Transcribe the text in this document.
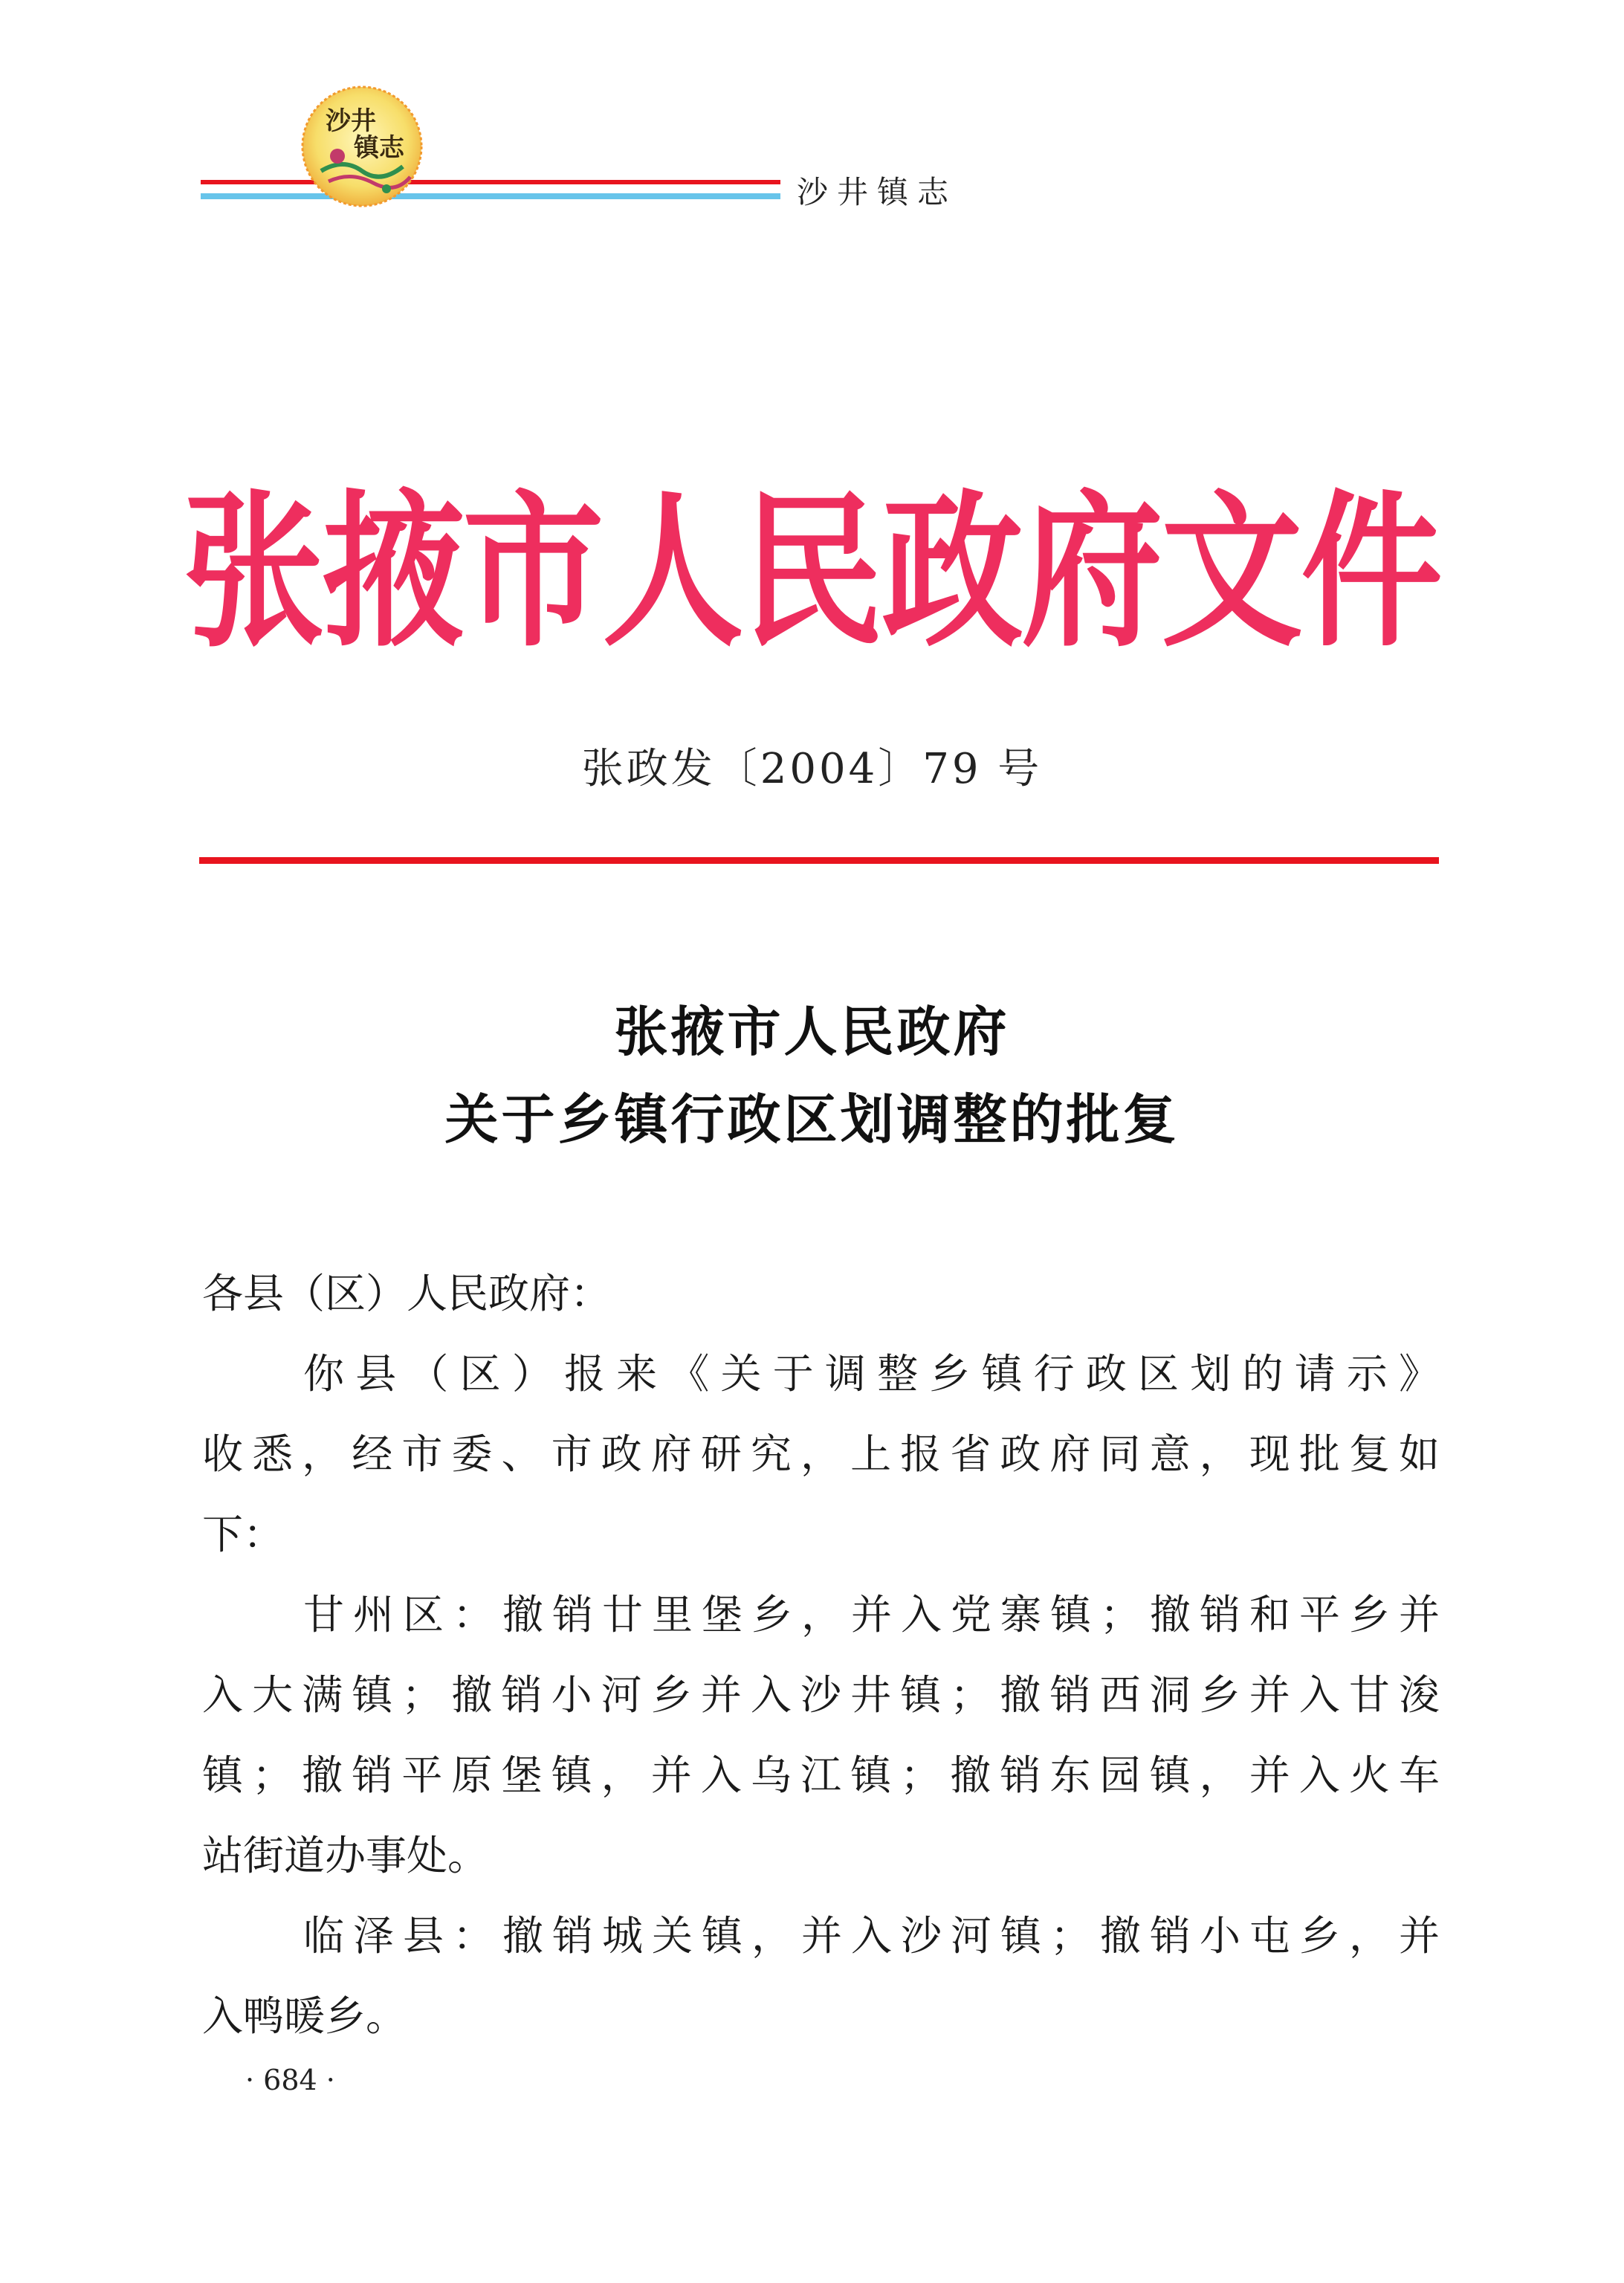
沙井
镇志
沙井镇志
张掖市人民政府文件
张政发〔2004〕79 号
张掖市人民政府
关于乡镇行政区划调整的批复
各县（区）人民政府：
你县（区）报来《关于调整乡镇行政区划的请示》
收悉，经市委、市政府研究，上报省政府同意，现批复如
下：
甘州区：撤销廿里堡乡，并入党寨镇；撤销和平乡并
入大满镇；撤销小河乡并入沙井镇；撤销西洞乡并入甘浚
镇；撤销平原堡镇，并入乌江镇；撤销东园镇，并入火车
站街道办事处。
临泽县：撤销城关镇，并入沙河镇；撤销小屯乡，并
入鸭暖乡。
· 684 ·
